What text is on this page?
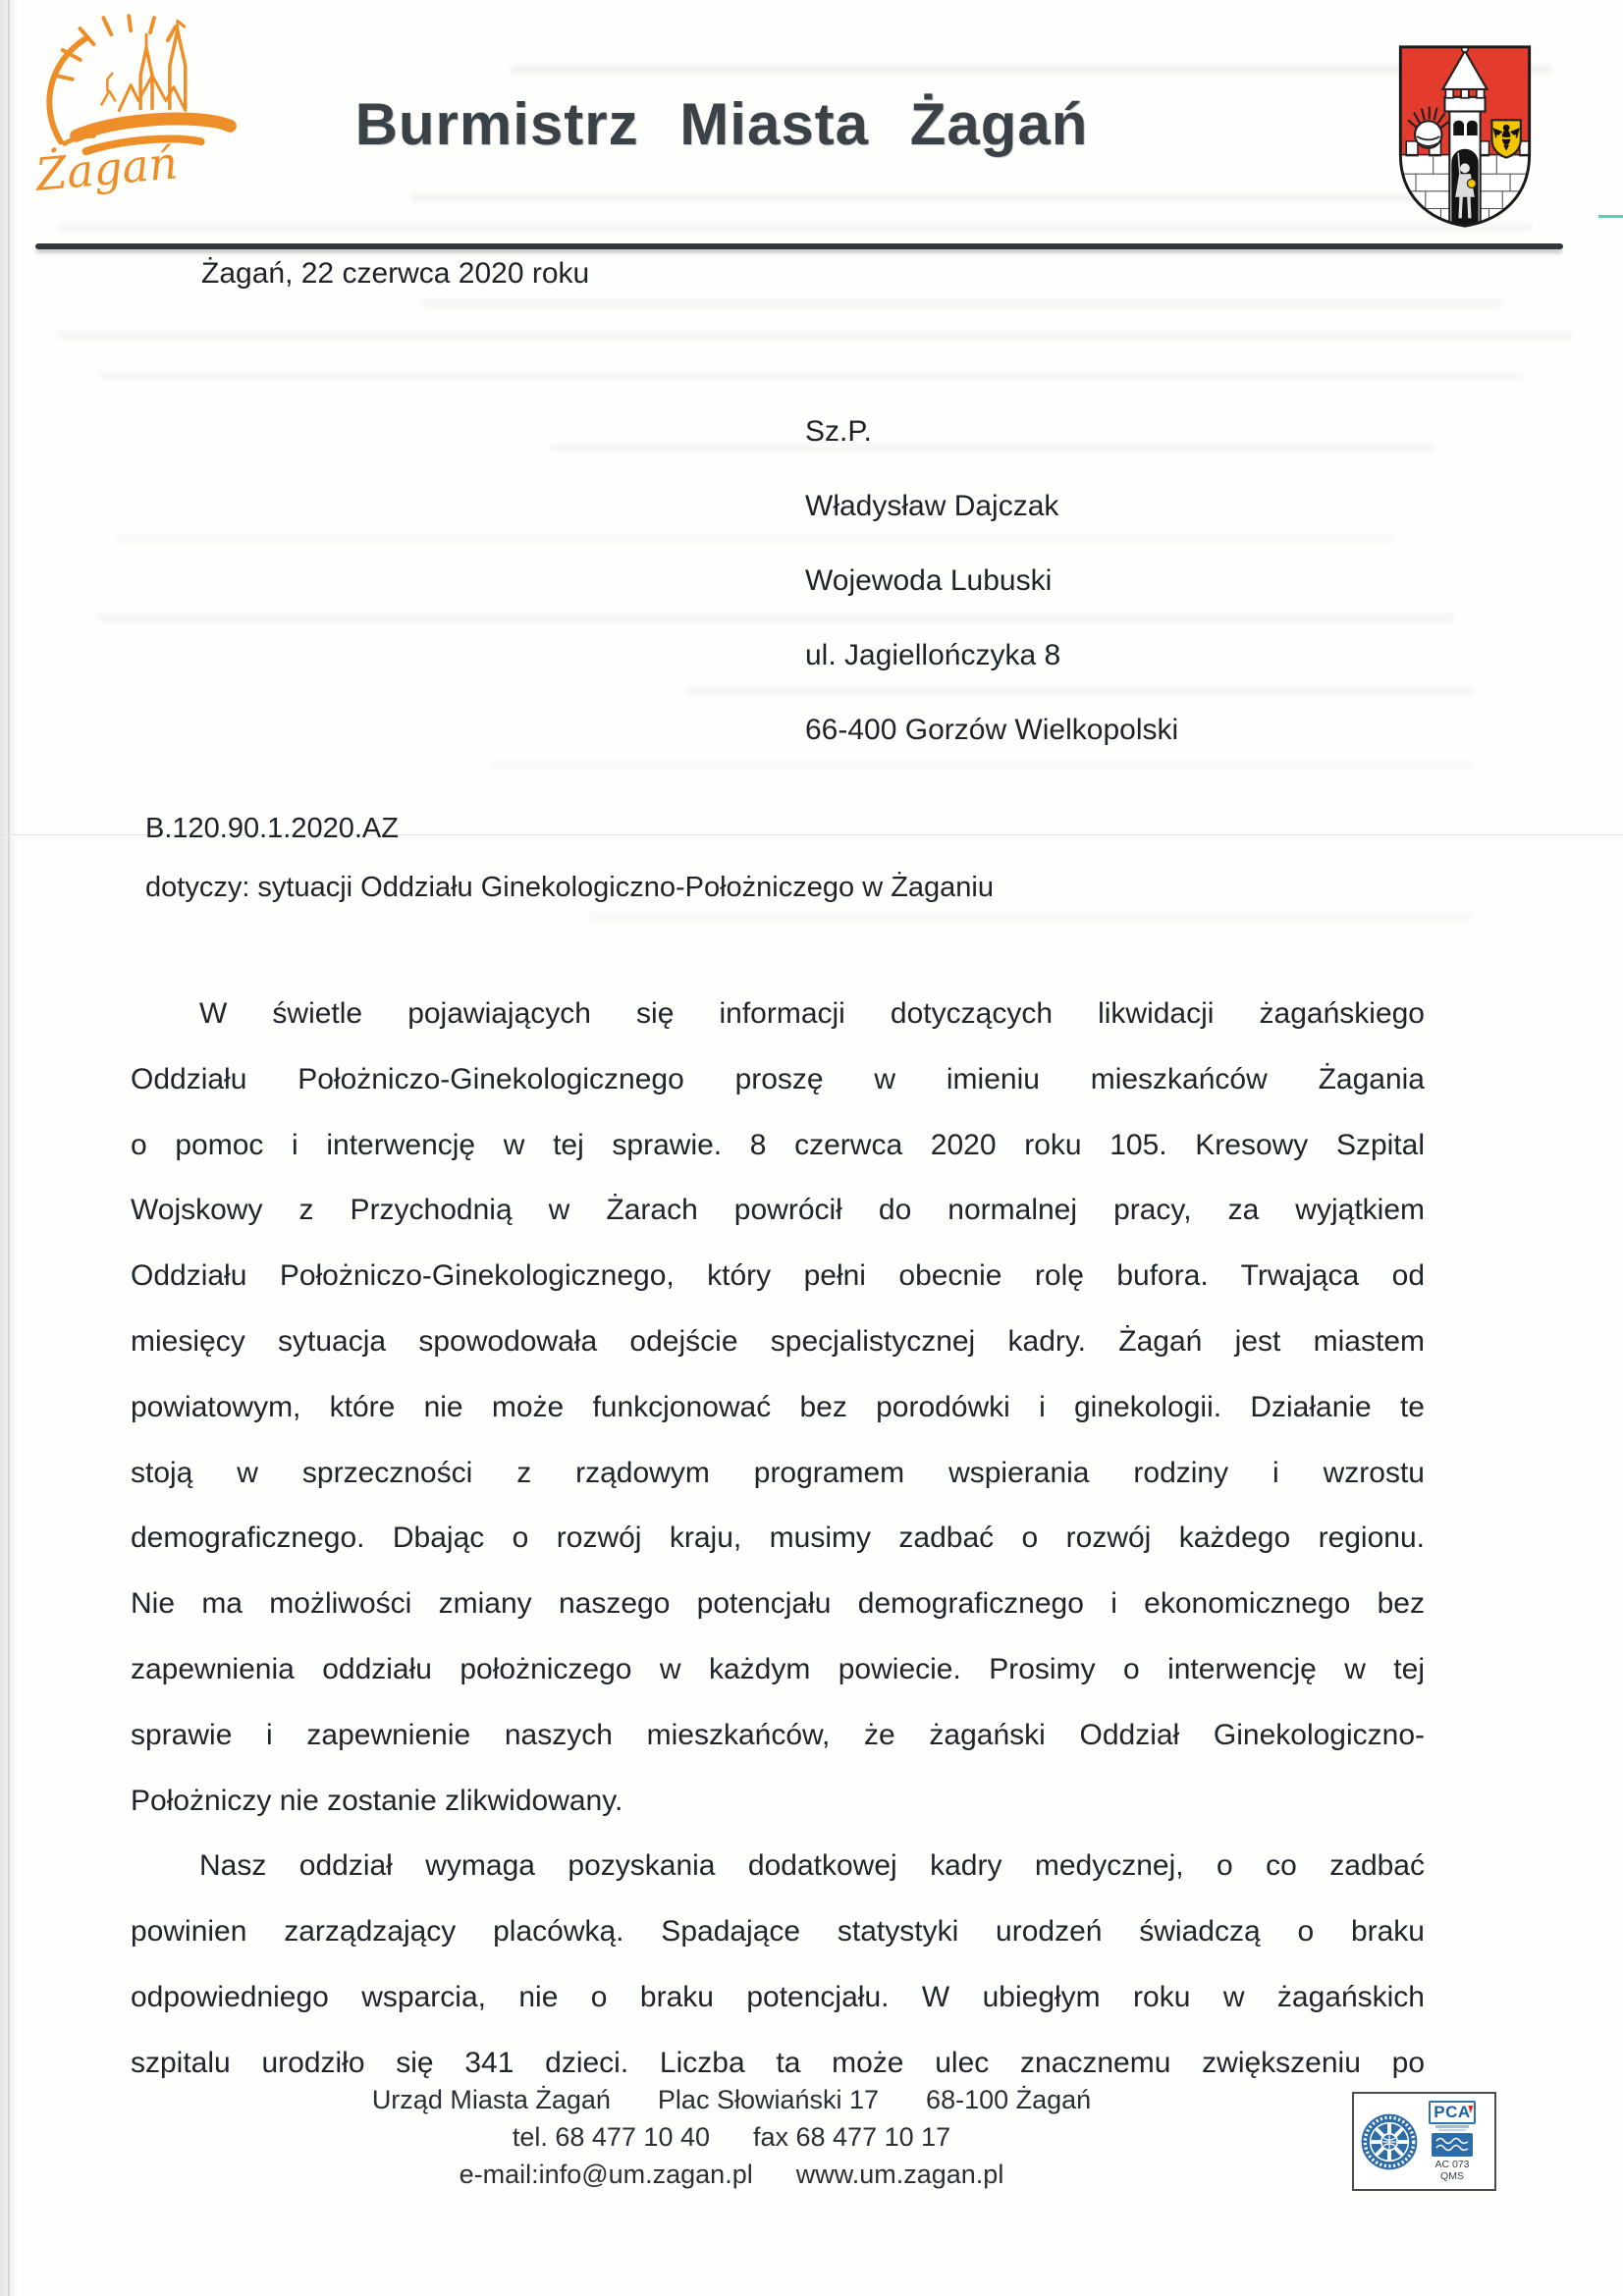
Żagań
Burmistrz Miasta Żagań
Żagań, 22 czerwca 2020 roku
Sz.P.
Władysław Dajczak
Wojewoda Lubuski
ul. Jagiellończyka 8
66-400 Gorzów Wielkopolski
B.120.90.1.2020.AZ
dotyczy: sytuacji Oddziału Ginekologiczno-Położniczego w Żaganiu
W świetle pojawiających się informacji dotyczących likwidacji żagańskiego
Oddziału Położniczo-Ginekologicznego proszę w imieniu mieszkańców Żagania
o pomoc i interwencję w tej sprawie. 8 czerwca 2020 roku 105. Kresowy Szpital
Wojskowy z Przychodnią w Żarach powrócił do normalnej pracy, za wyjątkiem
Oddziału Położniczo-Ginekologicznego, który pełni obecnie rolę bufora. Trwająca od
miesięcy sytuacja spowodowała odejście specjalistycznej kadry. Żagań jest miastem
powiatowym, które nie może funkcjonować bez porodówki i ginekologii. Działanie te
stoją w sprzeczności z rządowym programem wspierania rodziny i wzrostu
demograficznego. Dbając o rozwój kraju, musimy zadbać o rozwój każdego regionu.
Nie ma możliwości zmiany naszego potencjału demograficznego i ekonomicznego bez
zapewnienia oddziału położniczego w każdym powiecie. Prosimy o interwencję w tej
sprawie i zapewnienie naszych mieszkańców, że żagański Oddział Ginekologiczno-
Położniczy nie zostanie zlikwidowany.
Nasz oddział wymaga pozyskania dodatkowej kadry medycznej, o co zadbać
powinien zarządzający placówką. Spadające statystyki urodzeń świadczą o braku
odpowiedniego wsparcia, nie o braku potencjału. W ubiegłym roku w żagańskich
szpitalu urodziło się 341 dzieci. Liczba ta może ulec znacznemu zwiększeniu po
Urząd Miasta Żagań Plac Słowiański 17 68-100 Żagań
tel. 68 477 10 40 fax 68 477 10 17
e-mail:info@um.zagan.pl www.um.zagan.pl
PCA
AC 073
QMS
